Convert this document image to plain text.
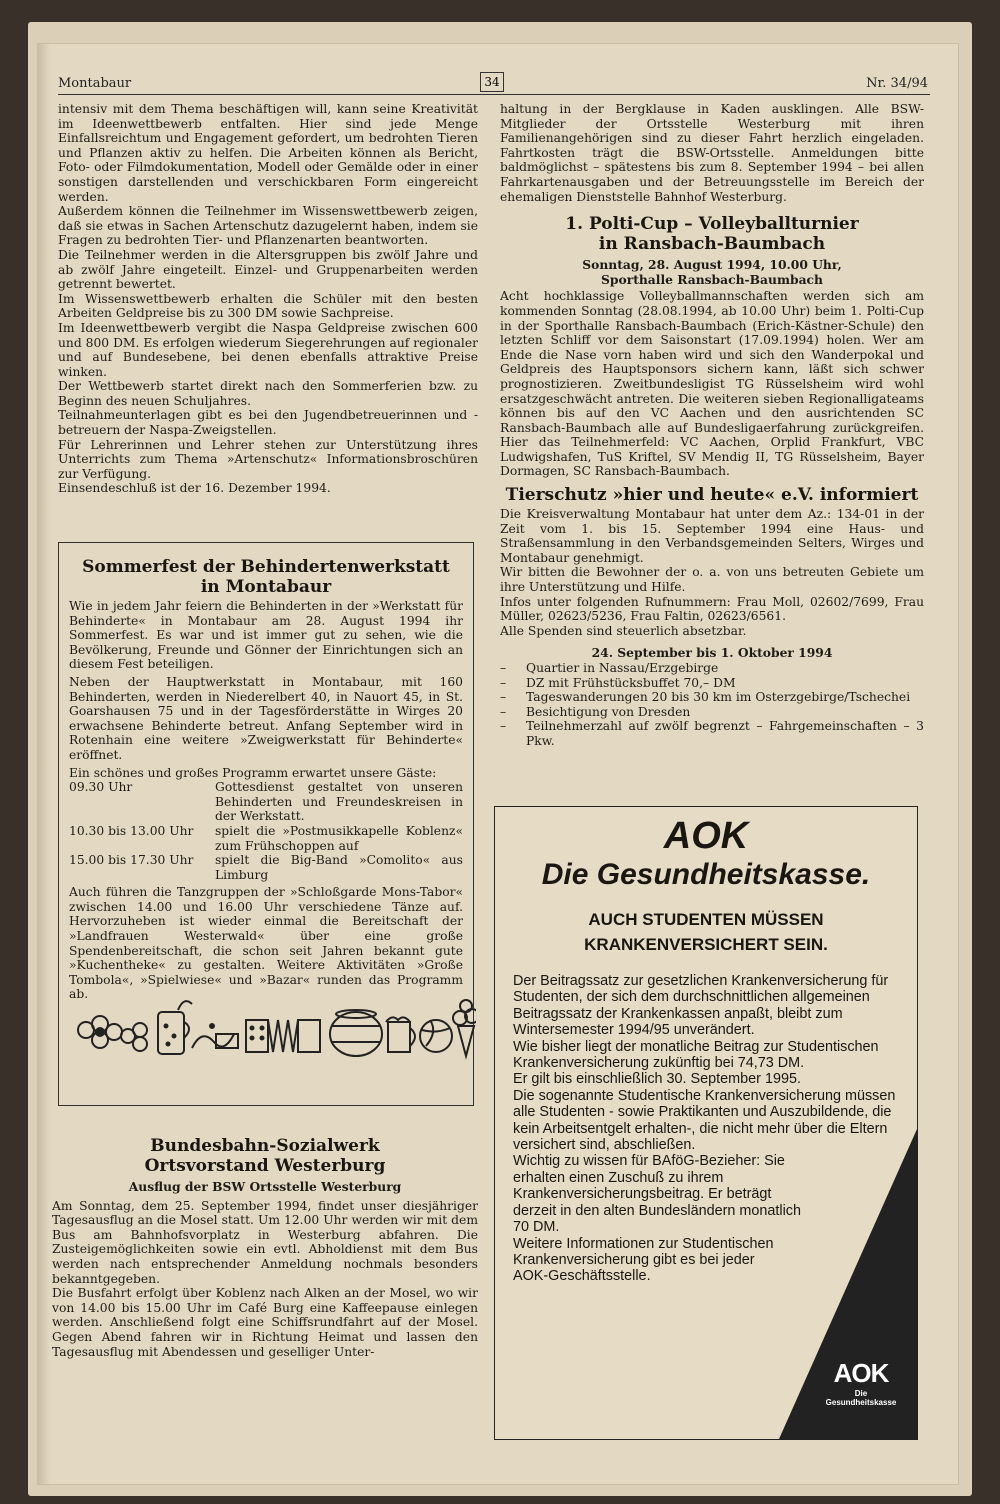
Montabaur	34	Nr. 34/94

intensiv mit dem Thema beschäftigen will, kann seine Kreativität im Ideenwettbewerb entfalten. Hier sind jede Menge Einfallsreichtum und Engagement gefordert, um bedrohten Tieren und Pflanzen aktiv zu helfen. Die Arbeiten können als Bericht, Foto- oder Filmdokumentation, Modell oder Gemälde oder in einer sonstigen darstellenden und verschickbaren Form eingereicht werden.

Außerdem können die Teilnehmer im Wissenswettbewerb zeigen, daß sie etwas in Sachen Artenschutz dazugelernt haben, indem sie Fragen zu bedrohten Tier- und Pflanzenarten beantworten.

Die Teilnehmer werden in die Altersgruppen bis zwölf Jahre und ab zwölf Jahre eingeteilt. Einzel- und Gruppenarbeiten werden getrennt bewertet.

Im Wissenswettbewerb erhalten die Schüler mit den besten Arbeiten Geldpreise bis zu 300 DM sowie Sachpreise.

Im Ideenwettbewerb vergibt die Naspa Geldpreise zwischen 600 und 800 DM. Es erfolgen wiederum Siegerehrungen auf regionaler und auf Bundesebene, bei denen ebenfalls attraktive Preise winken.

Der Wettbewerb startet direkt nach den Sommerferien bzw. zu Beginn des neuen Schuljahres.

Teilnahmeunterlagen gibt es bei den Jugendbetreuerinnen und -betreuern der Naspa-Zweigstellen.

Für Lehrerinnen und Lehrer stehen zur Unterstützung ihres Unterrichts zum Thema »Artenschutz« Informationsbroschüren zur Verfügung.

Einsendeschluß ist der 16. Dezember 1994.

Sommerfest der Behindertenwerkstatt
in Montabaur

Wie in jedem Jahr feiern die Behinderten in der »Werkstatt für Behinderte« in Montabaur am 28. August 1994 ihr Sommerfest. Es war und ist immer gut zu sehen, wie die Bevölkerung, Freunde und Gönner der Einrichtungen sich an diesem Fest beteiligen.

Neben der Hauptwerkstatt in Montabaur, mit 160 Behinderten, werden in Niederelbert 40, in Nauort 45, in St. Goarshausen 75 und in der Tagesförderstätte in Wirges 20 erwachsene Behinderte betreut. Anfang September wird in Rotenhain eine weitere »Zweigwerkstatt für Behinderte« eröffnet.

Ein schönes und großes Programm erwartet unsere Gäste:

09.30 Uhr	Gottesdienst gestaltet von unseren Behinderten und Freundeskreisen in der Werkstatt.
10.30 bis 13.00 Uhr	spielt die »Postmusikkapelle Koblenz« zum Frühschoppen auf
15.00 bis 17.30 Uhr	spielt die Big-Band »Comolito« aus Limburg

Auch führen die Tanzgruppen der »Schloßgarde Mons-Tabor« zwischen 14.00 und 16.00 Uhr verschiedene Tänze auf. Hervorzuheben ist wieder einmal die Bereitschaft der »Landfrauen Westerwald« über eine große Spendenbereitschaft, die schon seit Jahren bekannt gute »Kuchentheke« zu gestalten. Weitere Aktivitäten »Große Tombola«, »Spielwiese« und »Bazar« runden das Programm ab.

Bundesbahn-Sozialwerk
Ortsvorstand Westerburg
Ausflug der BSW Ortsstelle Westerburg

Am Sonntag, dem 25. September 1994, findet unser diesjähriger Tagesausflug an die Mosel statt. Um 12.00 Uhr werden wir mit dem Bus am Bahnhofsvorplatz in Westerburg abfahren. Die Zusteigemöglichkeiten sowie ein evtl. Abholdienst mit dem Bus werden nach entsprechender Anmeldung nochmals besonders bekanntgegeben.

Die Busfahrt erfolgt über Koblenz nach Alken an der Mosel, wo wir von 14.00 bis 15.00 Uhr im Café Burg eine Kaffeepause einlegen werden. Anschließend folgt eine Schiffsrundfahrt auf der Mosel. Gegen Abend fahren wir in Richtung Heimat und lassen den Tagesausflug mit Abendessen und geselliger Unter-

haltung in der Bergklause in Kaden ausklingen. Alle BSW-Mitglieder der Ortsstelle Westerburg mit ihren Familienangehörigen sind zu dieser Fahrt herzlich eingeladen. Fahrtkosten trägt die BSW-Ortsstelle. Anmeldungen bitte baldmöglichst – spätestens bis zum 8. September 1994 – bei allen Fahrkartenausgaben und der Betreuungsstelle im Bereich der ehemaligen Dienststelle Bahnhof Westerburg.

1. Polti-Cup – Volleyballturnier
in Ransbach-Baumbach
Sonntag, 28. August 1994, 10.00 Uhr,
Sporthalle Ransbach-Baumbach

Acht hochklassige Volleyballmannschaften werden sich am kommenden Sonntag (28.08.1994, ab 10.00 Uhr) beim 1. Polti-Cup in der Sporthalle Ransbach-Baumbach (Erich-Kästner-Schule) den letzten Schliff vor dem Saisonstart (17.09.1994) holen. Wer am Ende die Nase vorn haben wird und sich den Wanderpokal und Geldpreis des Hauptsponsors sichern kann, läßt sich schwer prognostizieren. Zweitbundesligist TG Rüsselsheim wird wohl ersatzgeschwächt antreten. Die weiteren sieben Regionalligateams können bis auf den VC Aachen und den ausrichtenden SC Ransbach-Baumbach alle auf Bundesligaerfahrung zurückgreifen. Hier das Teilnehmerfeld: VC Aachen, Orplid Frankfurt, VBC Ludwigshafen, TuS Kriftel, SV Mendig II, TG Rüsselsheim, Bayer Dormagen, SC Ransbach-Baumbach.

Tierschutz »hier und heute« e.V. informiert

Die Kreisverwaltung Montabaur hat unter dem Az.: 134-01 in der Zeit vom 1. bis 15. September 1994 eine Haus- und Straßensammlung in den Verbandsgemeinden Selters, Wirges und Montabaur genehmigt.

Wir bitten die Bewohner der o. a. von uns betreuten Gebiete um ihre Unterstützung und Hilfe.

Infos unter folgenden Rufnummern: Frau Moll, 02602/7699, Frau Müller, 02623/5236, Frau Faltin, 02623/6561.

Alle Spenden sind steuerlich absetzbar.

24. September bis 1. Oktober 1994
–	Quartier in Nassau/Erzgebirge
–	DZ mit Frühstücksbuffet 70,– DM
–	Tageswanderungen 20 bis 30 km im Osterzgebirge/Tschechei
–	Besichtigung von Dresden
–	Teilnehmerzahl auf zwölf begrenzt – Fahrgemeinschaften – 3 Pkw.
AOK
Die Gesundheitskasse.
AUCH STUDENTEN MÜSSEN
KRANKENVERSICHERT SEIN.

Der Beitragssatz zur gesetzlichen Krankenversicherung für Studenten, der sich dem durchschnittlichen allgemeinen Beitragssatz der Krankenkassen anpaßt, bleibt zum Wintersemester 1994/95 unverändert.

Wie bisher liegt der monatliche Beitrag zur Studentischen Krankenversicherung zukünftig bei 74,73 DM.

Er gilt bis einschließlich 30. September 1995.

Die sogenannte Studentische Krankenversicherung müssen alle Studenten - sowie Praktikanten und Auszubildende, die kein Arbeitsentgelt erhalten-, die nicht mehr über die Eltern versichert sind, abschließen.

Wichtig zu wissen für BAföG-Bezieher: Sie erhalten einen Zuschuß zu ihrem Krankenversicherungsbeitrag. Er beträgt derzeit in den alten Bundesländern monatlich

70 DM.

Weitere Informationen zur Studentischen Krankenversicherung gibt es bei jeder AOK-Geschäftsstelle.

AOK
Die Gesundheitskasse
